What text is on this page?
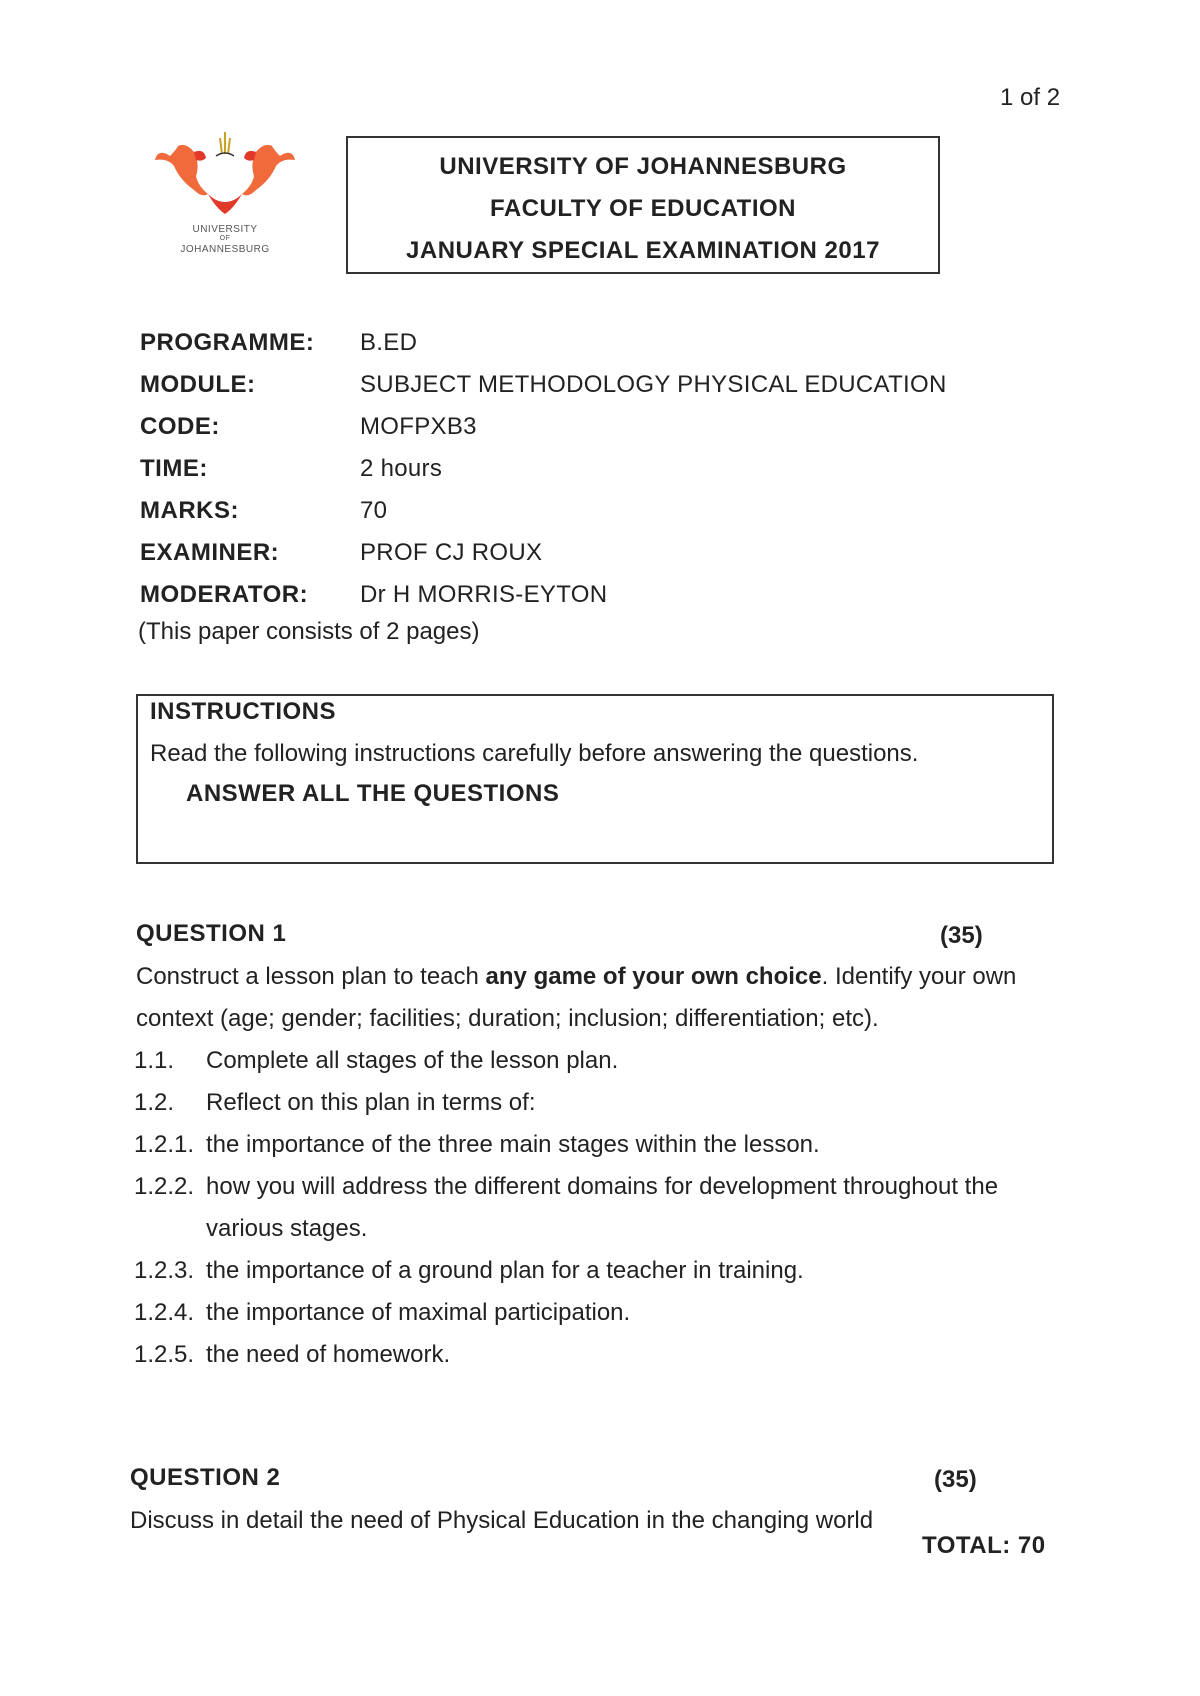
1 of 2
UNIVERSITY
OF
JOHANNESBURG
UNIVERSITY OF JOHANNESBURG
FACULTY OF EDUCATION
JANUARY SPECIAL EXAMINATION 2017
PROGRAMME:	B.ED
MODULE:	SUBJECT METHODOLOGY PHYSICAL EDUCATION
CODE:	MOFPXB3
TIME:	2 hours
MARKS:	70
EXAMINER:	PROF CJ ROUX
MODERATOR:	Dr H MORRIS-EYTON
(This paper consists of 2 pages)
INSTRUCTIONS
Read the following instructions carefully before answering the questions.
ANSWER ALL THE QUESTIONS
QUESTION 1	(35)
Construct a lesson plan to teach any game of your own choice. Identify your own
context (age; gender; facilities; duration; inclusion; differentiation; etc).
1.1.	Complete all stages of the lesson plan.
1.2.	Reflect on this plan in terms of:
1.2.1. the importance of the three main stages within the lesson.
1.2.2. how you will address the different domains for development throughout the
various stages.
1.2.3. the importance of a ground plan for a teacher in training.
1.2.4. the importance of maximal participation.
1.2.5. the need of homework.
QUESTION 2	(35)
Discuss in detail the need of Physical Education in the changing world
TOTAL: 70
